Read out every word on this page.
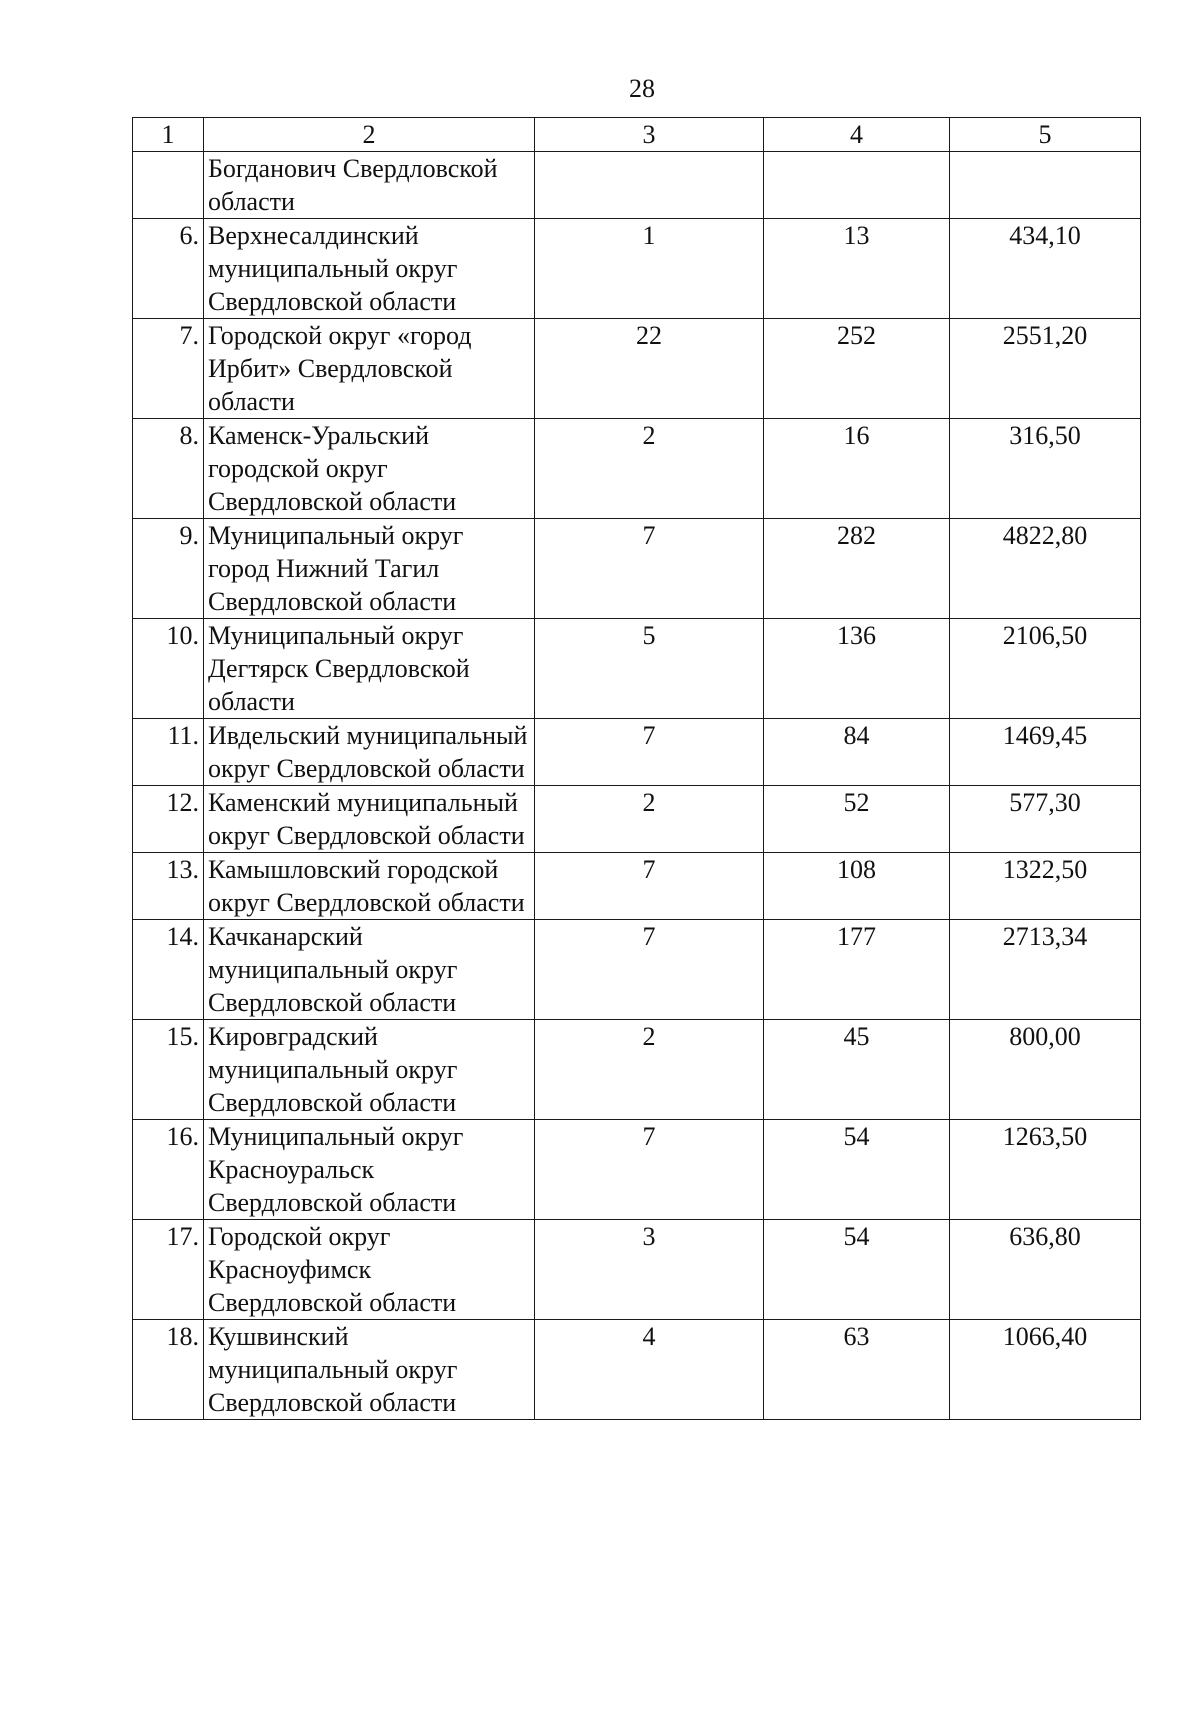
28
1	2	3	4	5
	Богданович Свердловской области			
6.	Верхнесалдинский муниципальный округ Свердловской области	1	13	434,10
7.	Городской округ «город Ирбит» Свердловской области	22	252	2551,20
8.	Каменск-Уральский городской округ Свердловской области	2	16	316,50
9.	Муниципальный округ город Нижний Тагил Свердловской области	7	282	4822,80
10.	Муниципальный округ Дегтярск Свердловской области	5	136	2106,50
11.	Ивдельский муниципальный округ Свердловской области	7	84	1469,45
12.	Каменский муниципальный округ Свердловской области	2	52	577,30
13.	Камышловский городской округ Свердловской области	7	108	1322,50
14.	Качканарский муниципальный округ Свердловской области	7	177	2713,34
15.	Кировградский муниципальный округ Свердловской области	2	45	800,00
16.	Муниципальный округ Красноуральск Свердловской области	7	54	1263,50
17.	Городской округ Красноуфимск Свердловской области	3	54	636,80
18.	Кушвинский муниципальный округ Свердловской области	4	63	1066,40
